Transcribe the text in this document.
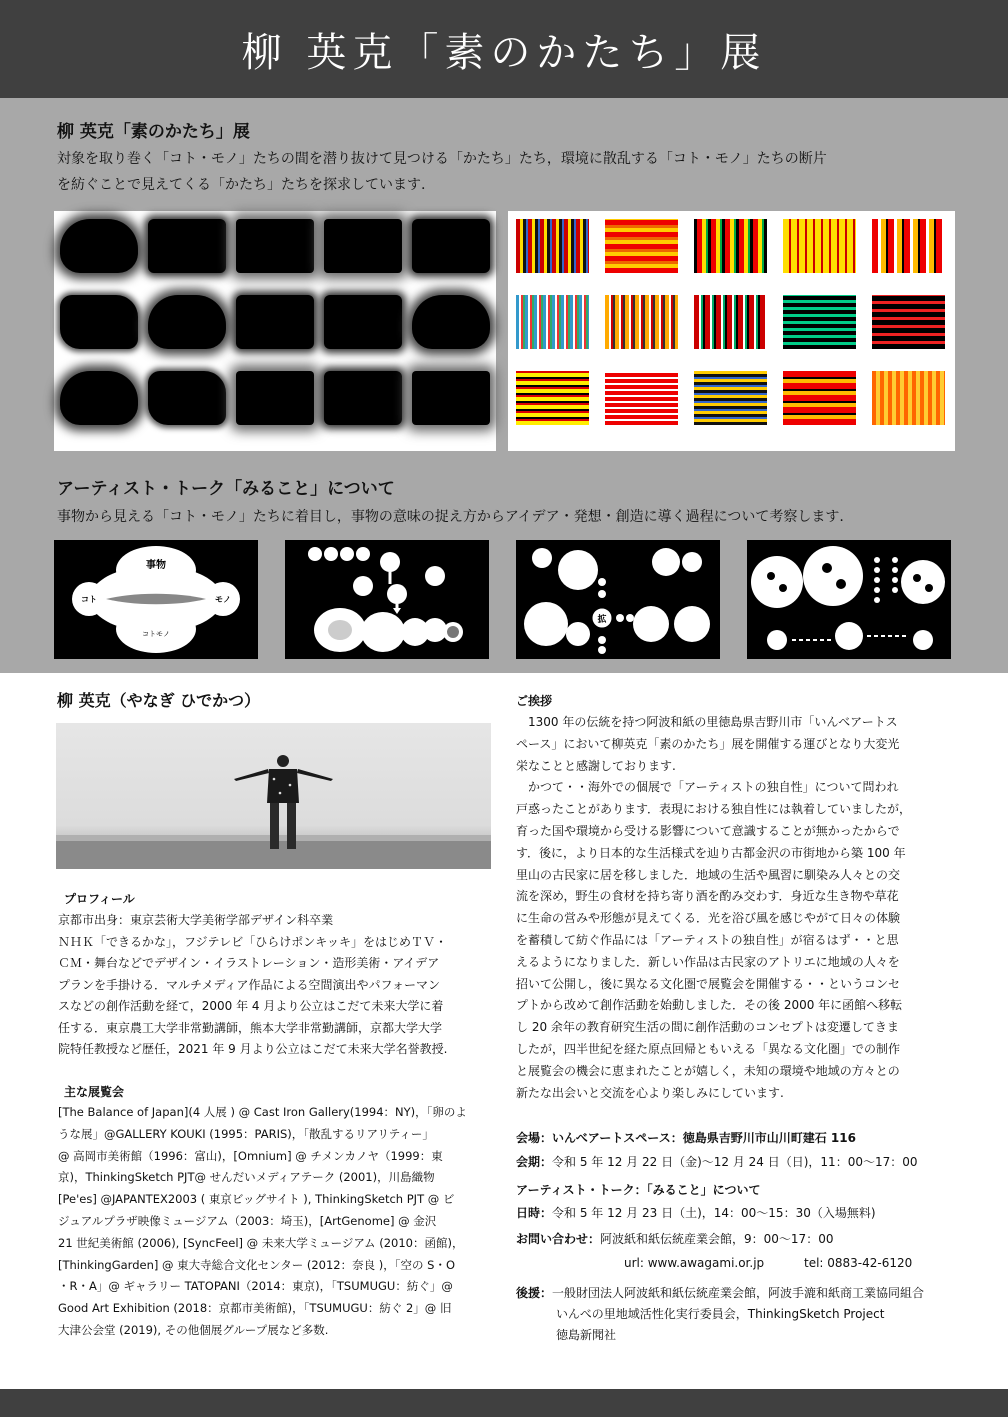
柳 英克「素のかたち」展
柳 英克「素のかたち」展

対象を取り巻く「コト・モノ」たちの間を潜り抜けて見つける「かたち」たち，環境に散乱する「コト・モノ」たちの断片
を紡ぐことで見えてくる「かたち」たちを探求しています.

アーティスト・トーク「みること」について

事物から見える「コト・モノ」たちに着目し，事物の意味の捉え方からアイデア・発想・創造に導く過程について考察します.

事物
コトモノ
コト	モノ
拡
柳 英克（やなぎ ひでかつ）
プロフィール

京都市出身：東京芸術大学美術学部デザイン科卒業

ＮＨＫ「できるかな」，フジテレビ「ひらけポンキッキ」をはじめＴＶ・

ＣＭ・舞台などでデザイン・イラストレーション・造形美術・アイデア

プランを手掛ける．マルチメディア作品による空間演出やパフォーマン

スなどの創作活動を経て，2000 年 4 月より公立はこだて未来大学に着

任する．東京農工大学非常勤講師，熊本大学非常勤講師，京都大学大学

院特任教授など歴任，2021 年 9 月より公立はこだて未来大学名誉教授.

主な展覧会

[The Balance of Japan](4 人展 ) @ Cast Iron Gallery(1994：NY)，「卵のよ

うな展」@GALLERY KOUKI (1995：PARIS)，「散乱するリアリティー」

@ 高岡市美術館（1996：富山)，[Omnium] @ チメンカノヤ（1999：東

京)，ThinkingSketch PJT@ せんだいメディアテーク (2001)，川島織物

[Pe'es] @JAPANTEX2003 ( 東京ビッグサイト ), ThinkingSketch PJT @ ビ

ジュアルプラザ映像ミュージアム（2003：埼玉)，[ArtGenome] @ 金沢

21 世紀美術館 (2006), [SyncFeel] @ 未来大学ミュージアム (2010：函館)，

[ThinkingGarden] @ 東大寺総合文化センター (2012：奈良 )，「空の S・O

・R・A」@ ギャラリー TATOPANI（2014：東京)，「TSUMUGU：紡ぐ」@

Good Art Exhibition (2018：京都市美術館)，「TSUMUGU：紡ぐ 2」@ 旧

大津公会堂 (2019), その他個展グループ展など多数.

ご挨拶

　1300 年の伝統を持つ阿波和紙の里徳島県吉野川市「いんべアートス

ペース」において柳英克「素のかたち」展を開催する運びとなり大変光

栄なことと感謝しております.

　かつて・・海外での個展で「アーティストの独自性」について問われ

戸惑ったことがあります．表現における独自性には執着していましたが，

育った国や環境から受ける影響について意識することが無かったからで

す．後に，より日本的な生活様式を辿り古都金沢の市街地から築 100 年

里山の古民家に居を移しました．地域の生活や風習に馴染み人々との交

流を深め，野生の食材を持ち寄り酒を酌み交わす．身近な生き物や草花

に生命の営みや形態が見えてくる．光を浴び風を感じやがて日々の体験

を蓄積して紡ぐ作品には「アーティストの独自性」が宿るはず・・と思

えるようになりました．新しい作品は古民家のアトリエに地域の人々を

招いて公開し，後に異なる文化圏で展覧会を開催する・・というコンセ

プトから改めて創作活動を始動しました．その後 2000 年に函館へ移転

し 20 余年の教育研究生活の間に創作活動のコンセプトは変遷してきま

したが，四半世紀を経た原点回帰ともいえる「異なる文化圏」での制作

と展覧会の機会に恵まれたことが嬉しく，未知の環境や地域の方々との

新たな出会いと交流を心より楽しみにしています.

会場：いんべアートスペース：徳島県吉野川市山川町建石 116
会期：令和 5 年 12 月 22 日（金)〜12 月 24 日（日)，11：00〜17：00
アーティスト・トーク：「みること」について
日時：令和 5 年 12 月 23 日（土)，14：00〜15：30（入場無料)
お問い合わせ：阿波紙和紙伝統産業会館，9：00〜17：00
url: www.awagami.or.jp	tel: 0883-42-6120
後援：一般財団法人阿波紙和紙伝統産業会館，阿波手漉和紙商工業協同組合
いんべの里地域活性化実行委員会，ThinkingSketch Project
徳島新聞社
